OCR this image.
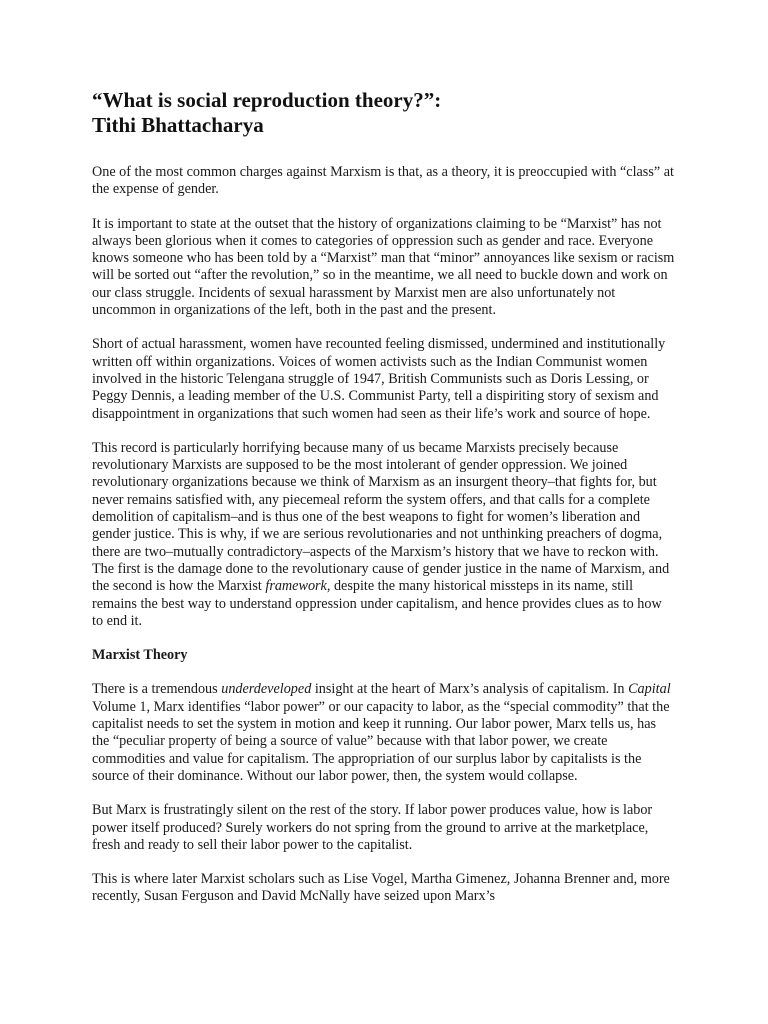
“What is social reproduction theory?”:
Tithi Bhattacharya

One of the most common charges against Marxism is that, as a theory, it is preoccupied with “class” at the expense of gender.

It is important to state at the outset that the history of organizations claiming to be “Marxist” has not always been glorious when it comes to categories of oppression such as gender and race. Everyone knows someone who has been told by a “Marxist” man that “minor” annoyances like sexism or racism will be sorted out “after the revolution,” so in the meantime, we all need to buckle down and work on our class struggle. Incidents of sexual harassment by Marxist men are also unfortunately not uncommon in organizations of the left, both in the past and the present.

Short of actual harassment, women have recounted feeling dismissed, undermined and institutionally written off within organizations. Voices of women activists such as the Indian Communist women involved in the historic Telengana struggle of 1947, British Communists such as Doris Lessing, or Peggy Dennis, a leading member of the U.S. Communist Party, tell a dispiriting story of sexism and disappointment in organizations that such women had seen as their life’s work and source of hope.

This record is particularly horrifying because many of us became Marxists precisely because revolutionary Marxists are supposed to be the most intolerant of gender oppression. We joined revolutionary organizations because we think of Marxism as an insurgent theory–that fights for, but never remains satisfied with, any piecemeal reform the system offers, and that calls for a complete demolition of capitalism–and is thus one of the best weapons to fight for women’s liberation and gender justice. This is why, if we are serious revolutionaries and not unthinking preachers of dogma, there are two–mutually contradictory–aspects of the Marxism’s history that we have to reckon with. The first is the damage done to the revolutionary cause of gender justice in the name of Marxism, and the second is how the Marxist framework, despite the many historical missteps in its name, still remains the best way to understand oppression under capitalism, and hence provides clues as to how to end it.

Marxist Theory

There is a tremendous underdeveloped insight at the heart of Marx’s analysis of capitalism. In Capital Volume 1, Marx identifies “labor power” or our capacity to labor, as the “special commodity” that the capitalist needs to set the system in motion and keep it running. Our labor power, Marx tells us, has the “peculiar property of being a source of value” because with that labor power, we create commodities and value for capitalism. The appropriation of our surplus labor by capitalists is the source of their dominance. Without our labor power, then, the system would collapse.

But Marx is frustratingly silent on the rest of the story. If labor power produces value, how is labor power itself produced? Surely workers do not spring from the ground to arrive at the marketplace, fresh and ready to sell their labor power to the capitalist.

This is where later Marxist scholars such as Lise Vogel, Martha Gimenez, Johanna Brenner and, more recently, Susan Ferguson and David McNally have seized upon Marx’s
